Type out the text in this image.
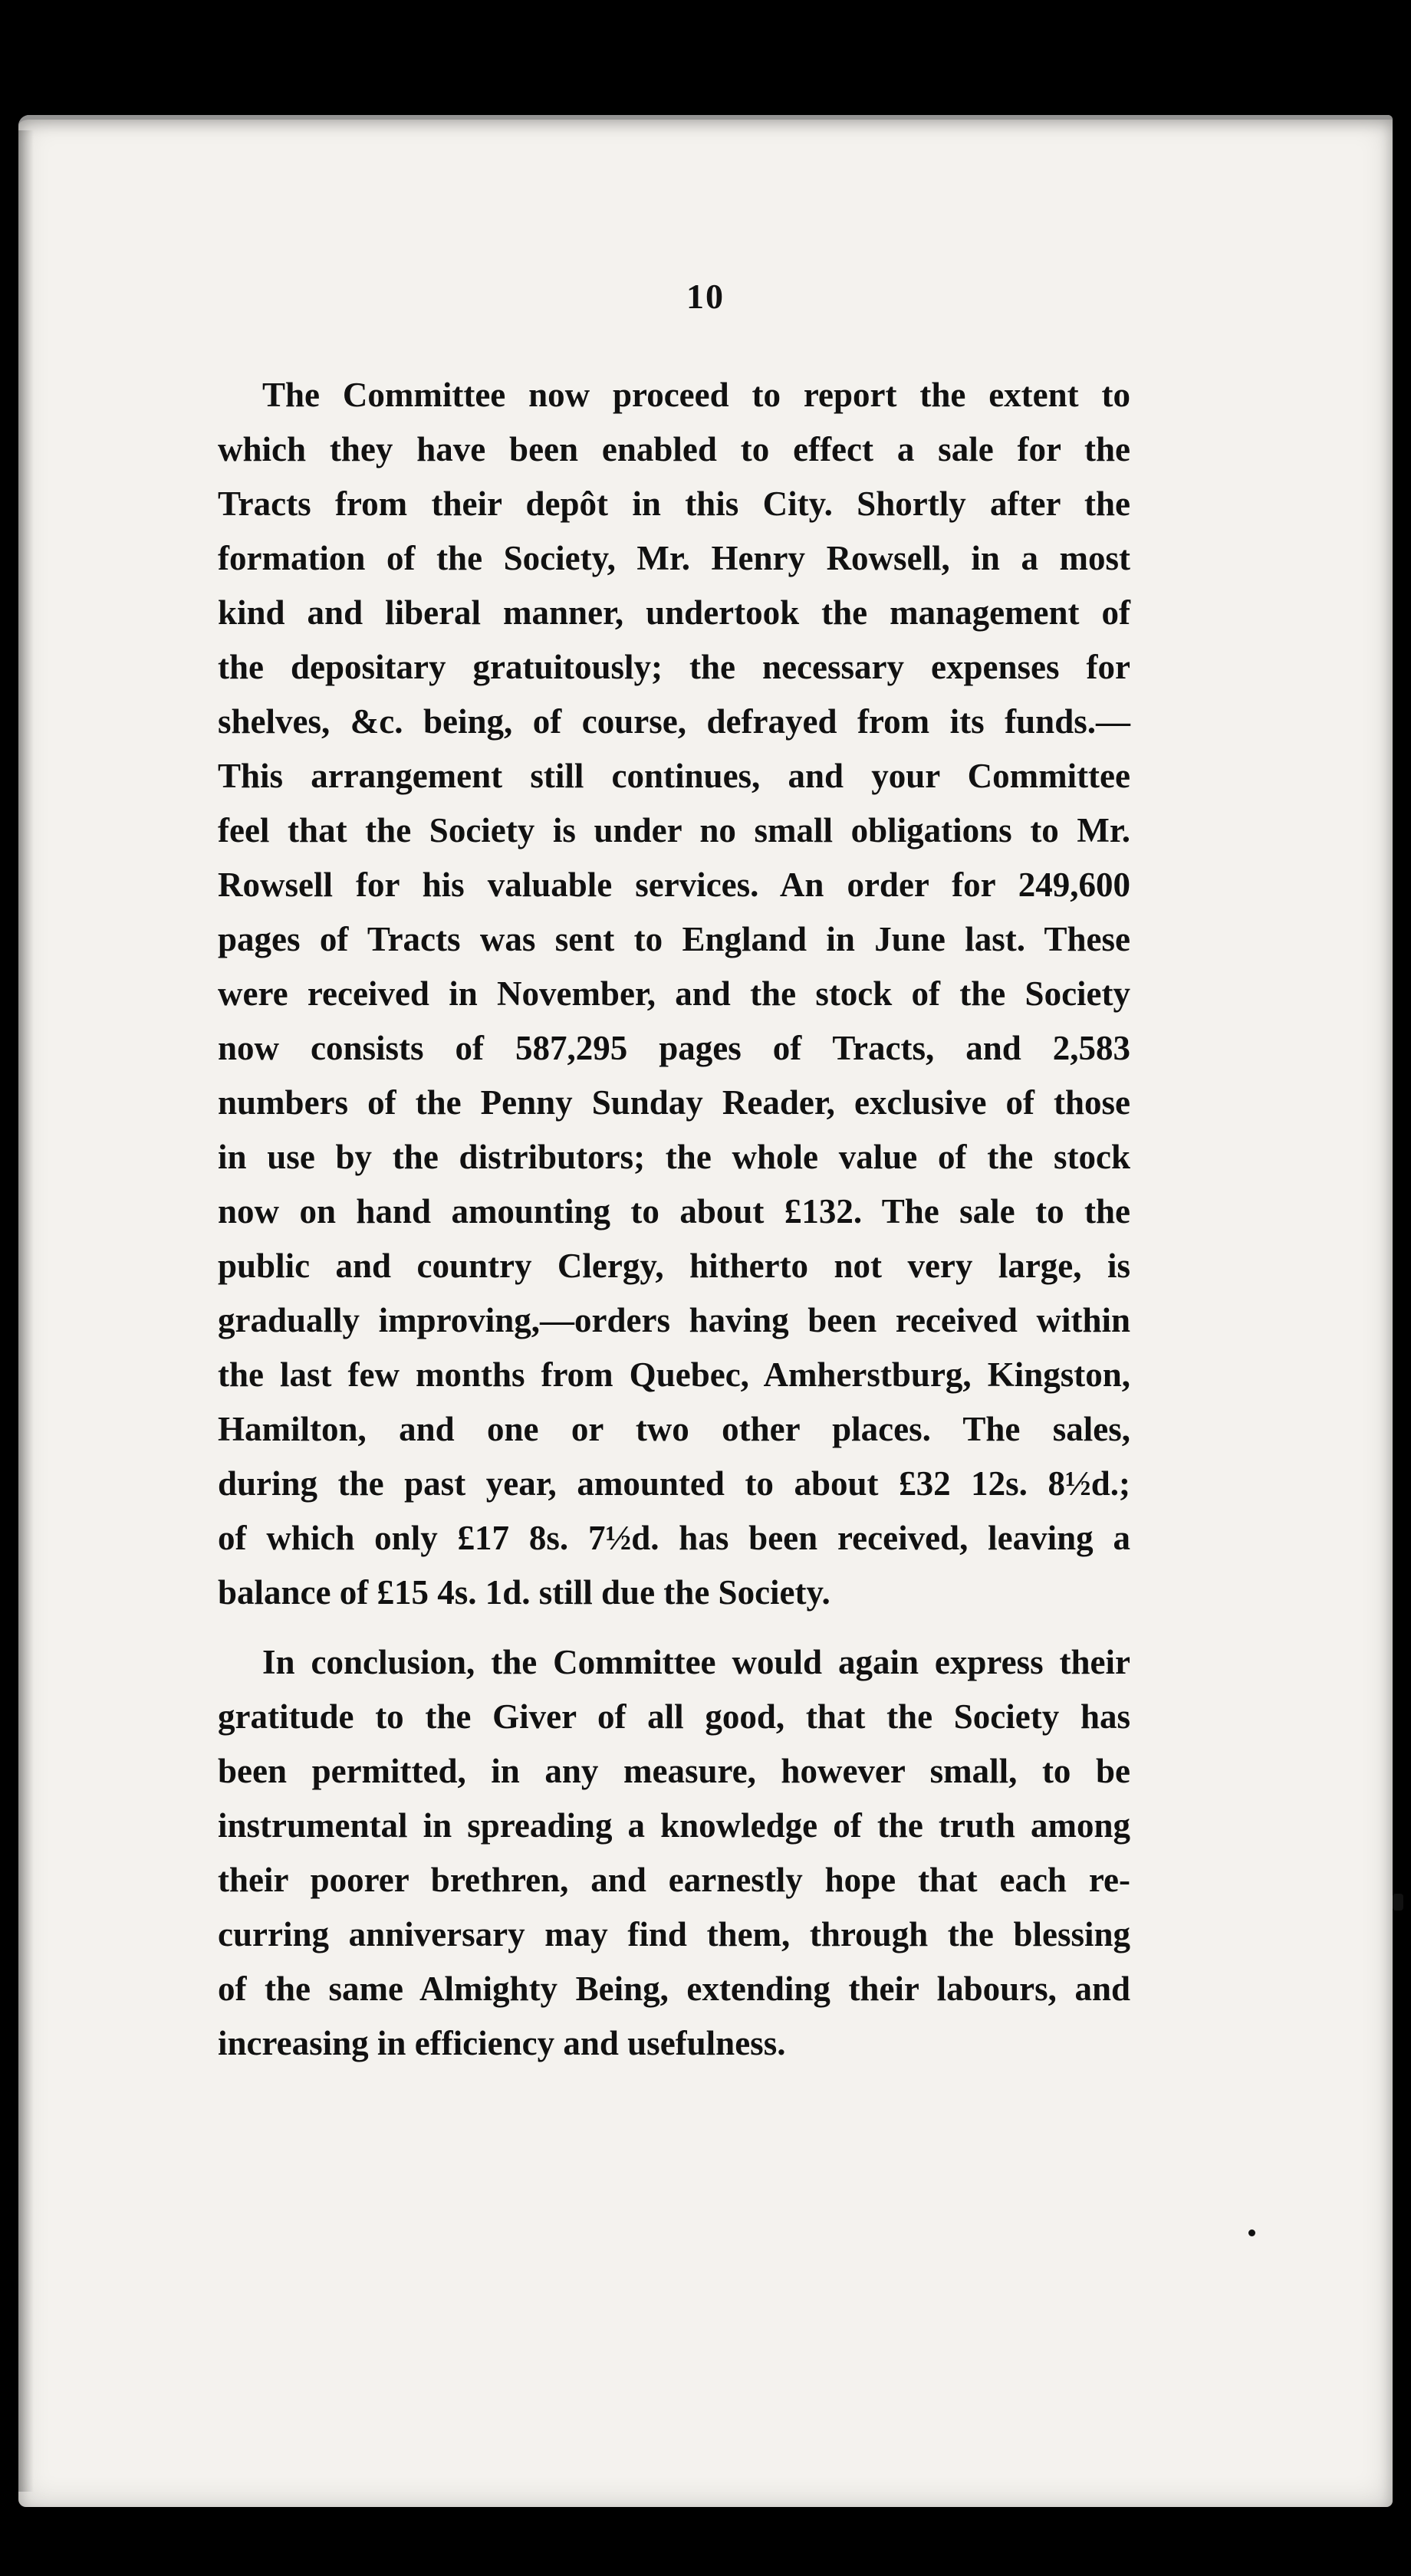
10
The Committee now proceed to report the extent to
which they have been enabled to effect a sale for the
Tracts from their depôt in this City. Shortly after the
formation of the Society, Mr. Henry Rowsell, in a most
kind and liberal manner, undertook the management of
the depositary gratuitously; the necessary expenses for
shelves, &c. being, of course, defrayed from its funds.—
This arrangement still continues, and your Committee
feel that the Society is under no small obligations to Mr.
Rowsell for his valuable services. An order for 249,600
pages of Tracts was sent to England in June last. These
were received in November, and the stock of the Society
now consists of 587,295 pages of Tracts, and 2,583
numbers of the Penny Sunday Reader, exclusive of those
in use by the distributors; the whole value of the stock
now on hand amounting to about £132. The sale to the
public and country Clergy, hitherto not very large, is
gradually improving,—orders having been received within
the last few months from Quebec, Amherstburg, Kingston,
Hamilton, and one or two other places. The sales,
during the past year, amounted to about £32 12s. 8½d.;
of which only £17 8s. 7½d. has been received, leaving a
balance of £15 4s. 1d. still due the Society.
In conclusion, the Committee would again express their
gratitude to the Giver of all good, that the Society has
been permitted, in any measure, however small, to be
instrumental in spreading a knowledge of the truth among
their poorer brethren, and earnestly hope that each re-
curring anniversary may find them, through the blessing
of the same Almighty Being, extending their labours, and
increasing in efficiency and usefulness.
